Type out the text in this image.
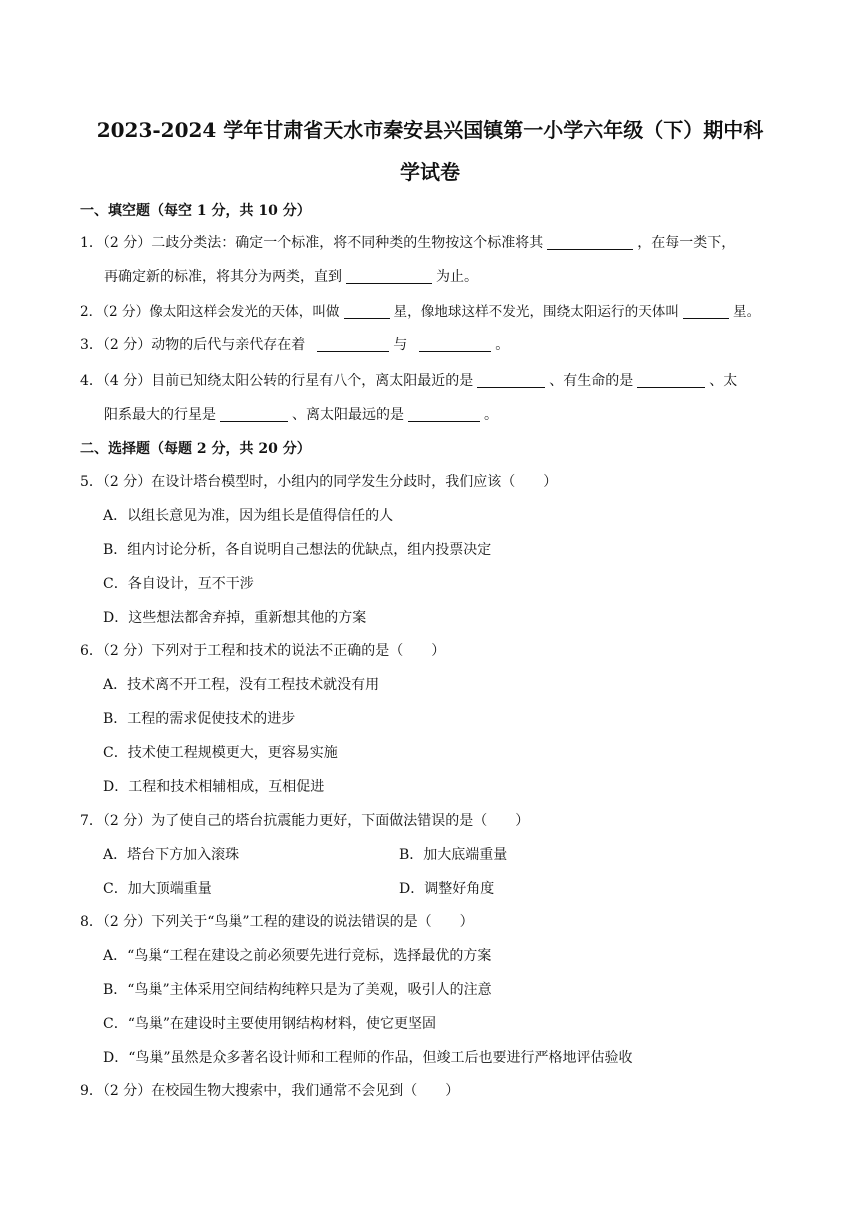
2023-2024 学年甘肃省天水市秦安县兴国镇第一小学六年级（下）期中科
学试卷
一、填空题（每空 1 分，共 10 分）
1．（2 分）二歧分类法：确定一个标准，将不同种类的生物按这个标准将其	，在每一类下，
再确定新的标准，将其分为两类，直到	为止。
2．（2 分）像太阳这样会发光的天体，叫做	星，像地球这样不发光，围绕太阳运行的天体叫	星。
3．（2 分）动物的后代与亲代存在着	与	。
4．（4 分）目前已知绕太阳公转的行星有八个，离太阳最近的是	、有生命的是	、太
阳系最大的行星是	、离太阳最远的是	。
二、选择题（每题 2 分，共 20 分）
5．（2 分）在设计塔台模型时，小组内的同学发生分歧时，我们应该（　　）
A．以组长意见为准，因为组长是值得信任的人
B．组内讨论分析，各自说明自己想法的优缺点，组内投票决定
C．各自设计，互不干涉
D．这些想法都舍弃掉，重新想其他的方案
6．（2 分）下列对于工程和技术的说法不正确的是（　　）
A．技术离不开工程，没有工程技术就没有用
B．工程的需求促使技术的进步
C．技术使工程规模更大，更容易实施
D．工程和技术相辅相成，互相促进
7．（2 分）为了使自己的塔台抗震能力更好，下面做法错误的是（　　）
A．塔台下方加入滚珠	B．加大底端重量
C．加大顶端重量	D．调整好角度
8．（2 分）下列关于“鸟巢”工程的建设的说法错误的是（　　）
A．“鸟巢“工程在建设之前必须要先进行竞标，选择最优的方案
B．“鸟巢”主体采用空间结构纯粹只是为了美观，吸引人的注意
C．“鸟巢”在建设时主要使用钢结构材料，使它更坚固
D．“鸟巢”虽然是众多著名设计师和工程师的作品，但竣工后也要进行严格地评估验收
9．（2 分）在校园生物大搜索中，我们通常不会见到（　　）
